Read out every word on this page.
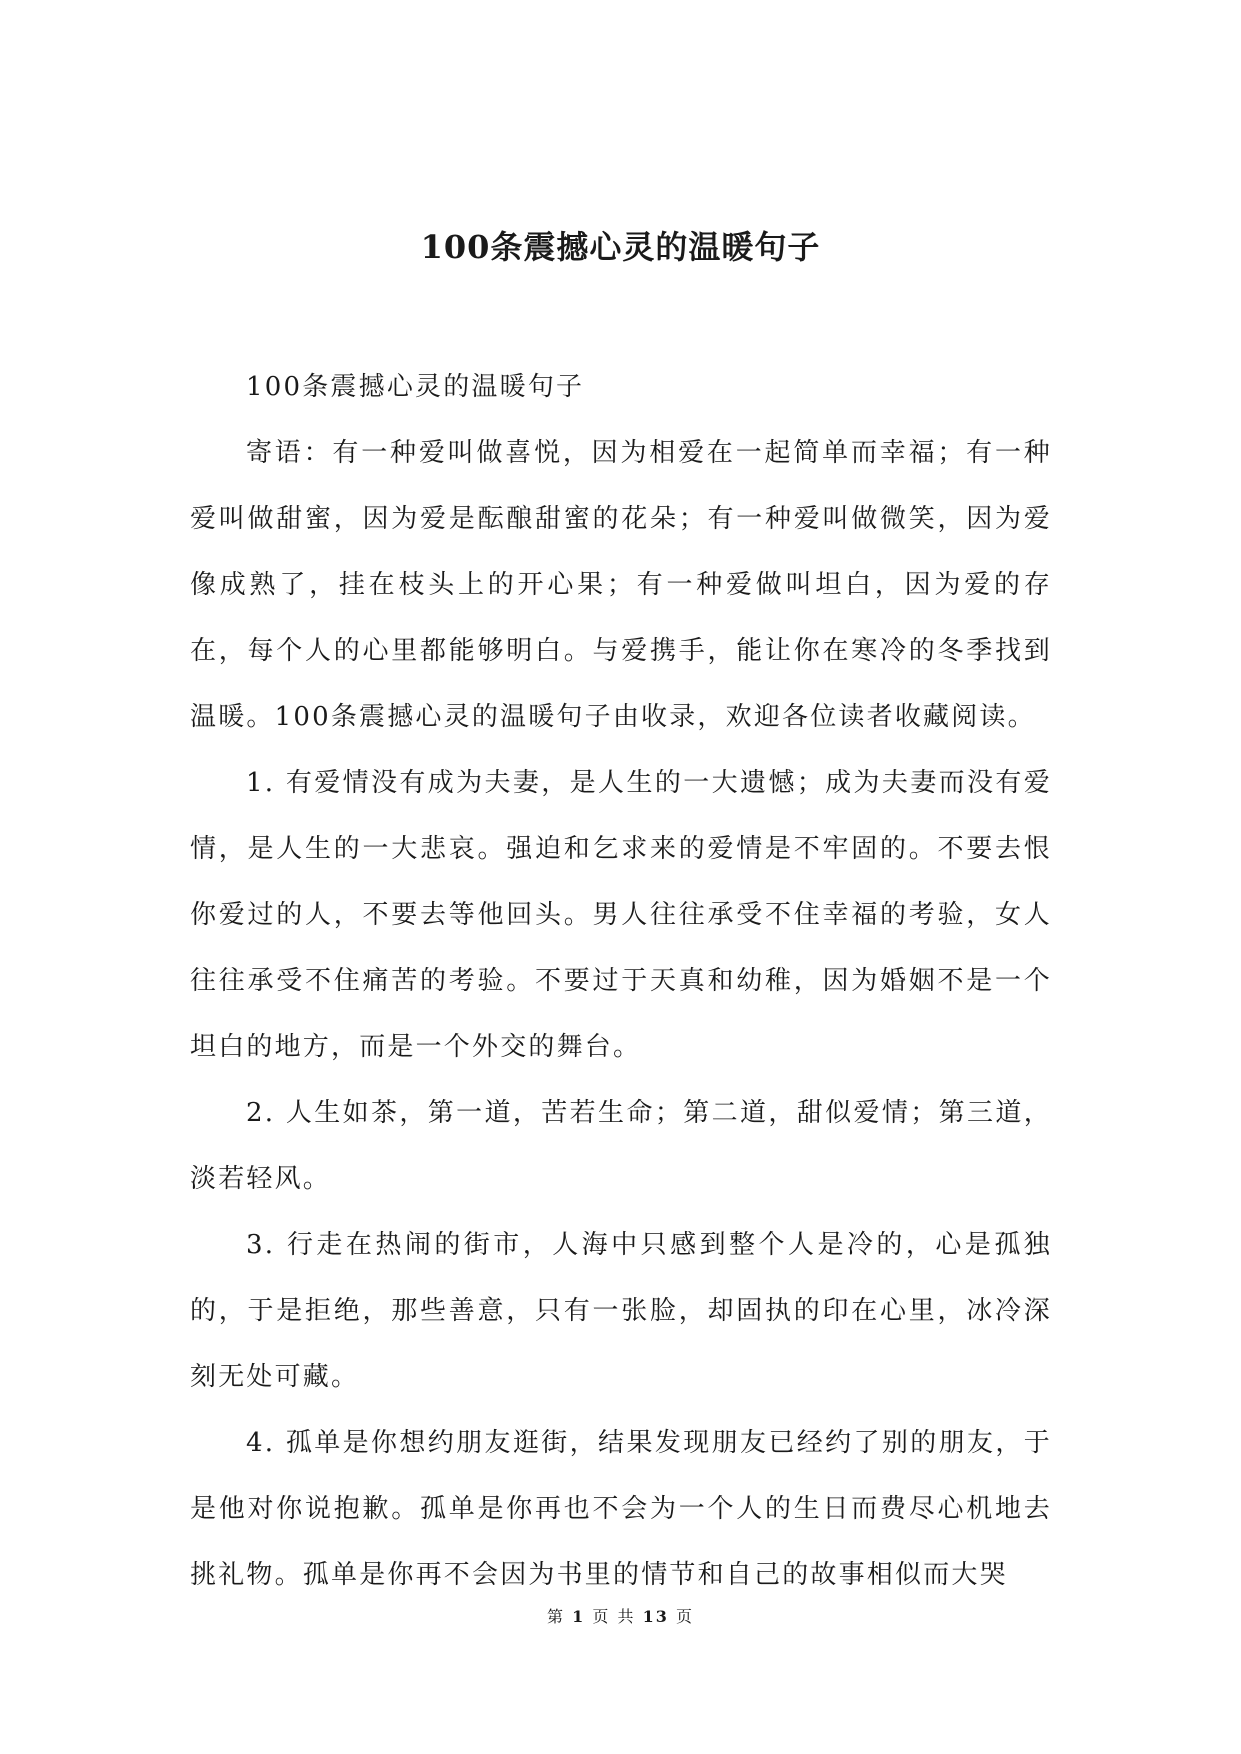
100条震撼心灵的温暖句子

100条震撼心灵的温暖句子

寄语：有一种爱叫做喜悦，因为相爱在一起简单而幸福；有一种爱叫做甜蜜，因为爱是酝酿甜蜜的花朵；有一种爱叫做微笑，因为爱像成熟了，挂在枝头上的开心果；有一种爱做叫坦白，因为爱的存在，每个人的心里都能够明白。与爱携手，能让你在寒冷的冬季找到温暖。100条震撼心灵的温暖句子由收录，欢迎各位读者收藏阅读。

1. 有爱情没有成为夫妻，是人生的一大遗憾；成为夫妻而没有爱情，是人生的一大悲哀。强迫和乞求来的爱情是不牢固的。不要去恨你爱过的人，不要去等他回头。男人往往承受不住幸福的考验，女人往往承受不住痛苦的考验。不要过于天真和幼稚，因为婚姻不是一个坦白的地方，而是一个外交的舞台。

2. 人生如茶，第一道，苦若生命；第二道，甜似爱情；第三道，淡若轻风。

3. 行走在热闹的街市，人海中只感到整个人是冷的，心是孤独的，于是拒绝，那些善意，只有一张脸，却固执的印在心里，冰冷深刻无处可藏。

4. 孤单是你想约朋友逛街，结果发现朋友已经约了别的朋友，于是他对你说抱歉。孤单是你再也不会为一个人的生日而费尽心机地去挑礼物。孤单是你再不会因为书里的情节和自己的故事相似而大哭

第 1 页 共 13 页
